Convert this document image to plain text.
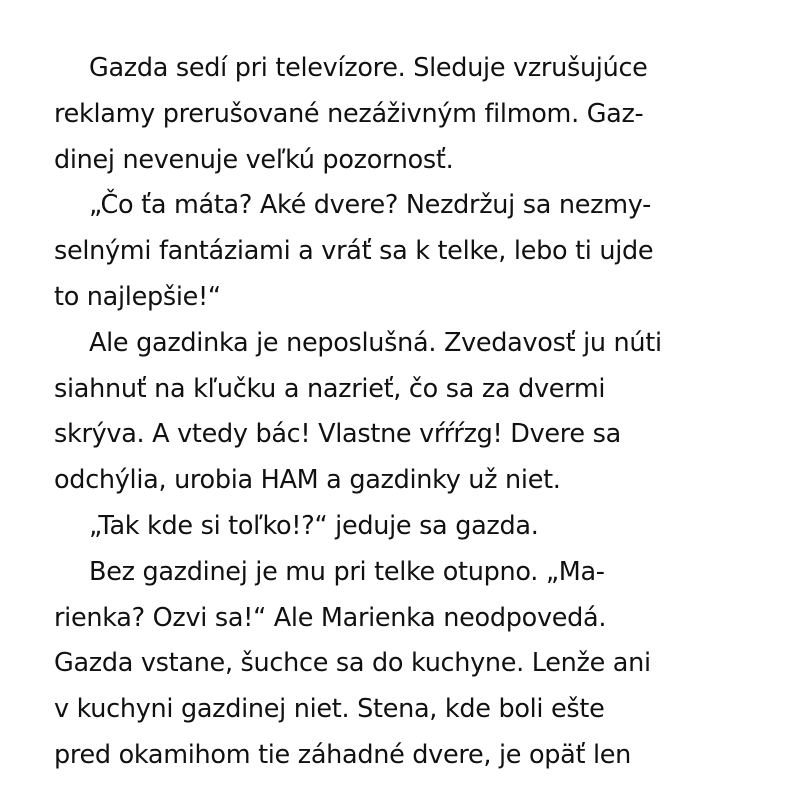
Gazda sedí pri televízore. Sleduje vzrušujúce
reklamy prerušované nezáživným filmom. Gaz-
dinej nevenuje veľkú pozornosť.
„Čo ťa máta? Aké dvere? Nezdržuj sa nezmy-
selnými fantáziami a vráť sa k telke, lebo ti ujde
to najlepšie!“
Ale gazdinka je neposlušná. Zvedavosť ju núti
siahnuť na kľučku a nazrieť, čo sa za dvermi
skrýva. A vtedy bác! Vlastne vŕŕŕzg! Dvere sa
odchýlia, urobia HAM a gazdinky už niet.
„Tak kde si toľko!?“ jeduje sa gazda.
Bez gazdinej je mu pri telke otupno. „Ma-
rienka? Ozvi sa!“ Ale Marienka neodpovedá.
Gazda vstane, šuchce sa do kuchyne. Lenže ani
v kuchyni gazdinej niet. Stena, kde boli ešte
pred okamihom tie záhadné dvere, je opäť len
